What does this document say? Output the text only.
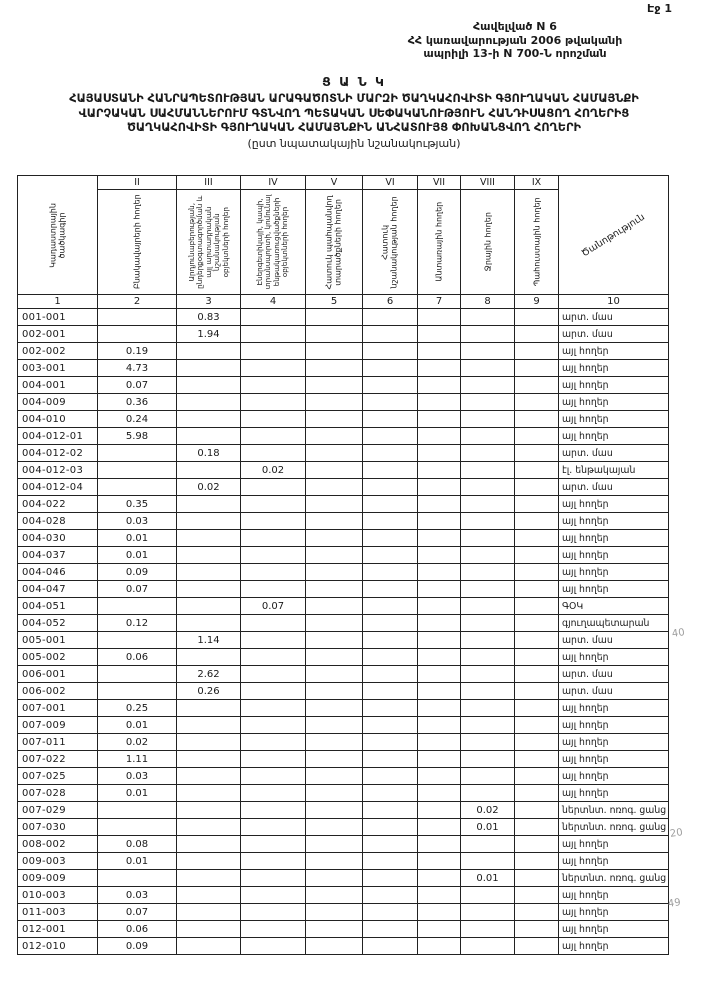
Էջ 1
Հավելված N 6
ՀՀ կառավարության 2006 թվականի
ապրիլի 13-ի N 700-Ն որոշման
Ց Ա Ն Կ
ՀԱՅԱՍՏԱՆԻ ՀԱՆՐԱՊԵՏՈՒԹՅԱՆ ԱՐԱԳԱԾՈՏՆԻ ՄԱՐԶԻ ԾԱՂԿԱՀՈՎԻՏԻ ԳՅՈՒՂԱԿԱՆ ՀԱՄԱՅՆՔԻ
ՎԱՐՉԱԿԱՆ ՍԱՀՄԱՆՆԵՐՈՒՄ ԳՏՆՎՈՂ ՊԵՏԱԿԱՆ ՍԵՓԱԿԱՆՈՒԹՅՈՒՆ ՀԱՆԴԻՍԱՑՈՂ ՀՈՂԵՐԻՑ
ԾԱՂԿԱՀՈՎԻՏԻ ԳՅՈՒՂԱԿԱՆ ՀԱՄԱՅՆՔԻՆ ԱՆՀԱՏՈՒՅՑ ՓՈԽԱՆՑՎՈՂ ՀՈՂԵՐԻ
(ըստ նպատակային նշանակության)
Կադաստրային ծածկագիր	II	III	IV	V	VI	VII	VIII	IX	Ծանոթություն

	Բնակավայրերի հողեր	Արդյունաբերության, ընդերքօգտագործման և այլ արտադրական նշանակության օբյեկտների հողեր	Էներգետիկայի, կապի, տրանսպորտի, կոմունալ ենթակառուցվածքների օբյեկտների հողեր	Հատուկ պահպանվող տարածքների հողեր	Հատուկ նշանակության հողեր	Անտառային հողեր	Ջրային հողեր	Պահուստային հողեր	

1	2	3	4	5	6	7	8	9	10
001-001		0.83							արտ. մաս
002-001		1.94							արտ. մաս
002-002	0.19								այլ հողեր
003-001	4.73								այլ հողեր
004-001	0.07								այլ հողեր
004-009	0.36								այլ հողեր
004-010	0.24								այլ հողեր
004-012-01	5.98								այլ հողեր
004-012-02		0.18							արտ. մաս
004-012-03			0.02						էլ. ենթակայան
004-012-04		0.02							արտ. մաս
004-022	0.35								այլ հողեր
004-028	0.03								այլ հողեր
004-030	0.01								այլ հողեր
004-037	0.01								այլ հողեր
004-046	0.09								այլ հողեր
004-047	0.07								այլ հողեր
004-051			0.07						ԳՕԿ
004-052	0.12								գյուղապետարան
005-001		1.14							արտ. մաս
005-002	0.06								այլ հողեր
006-001		2.62							արտ. մաս
006-002		0.26							արտ. մաս
007-001	0.25								այլ հողեր
007-009	0.01								այլ հողեր
007-011	0.02								այլ հողեր
007-022	1.11								այլ հողեր
007-025	0.03								այլ հողեր
007-028	0.01								այլ հողեր
007-029							0.02		ներտնտ. ոռոգ. ցանց
007-030							0.01		ներտնտ. ոռոգ. ցանց
008-002	0.08								այլ հողեր
009-003	0.01								այլ հողեր
009-009							0.01		ներտնտ. ոռոգ. ցանց
010-003	0.03								այլ հողեր
011-003	0.07								այլ հողեր
012-001	0.06								այլ հողեր
012-010	0.09								այլ հողեր
40
20
49
